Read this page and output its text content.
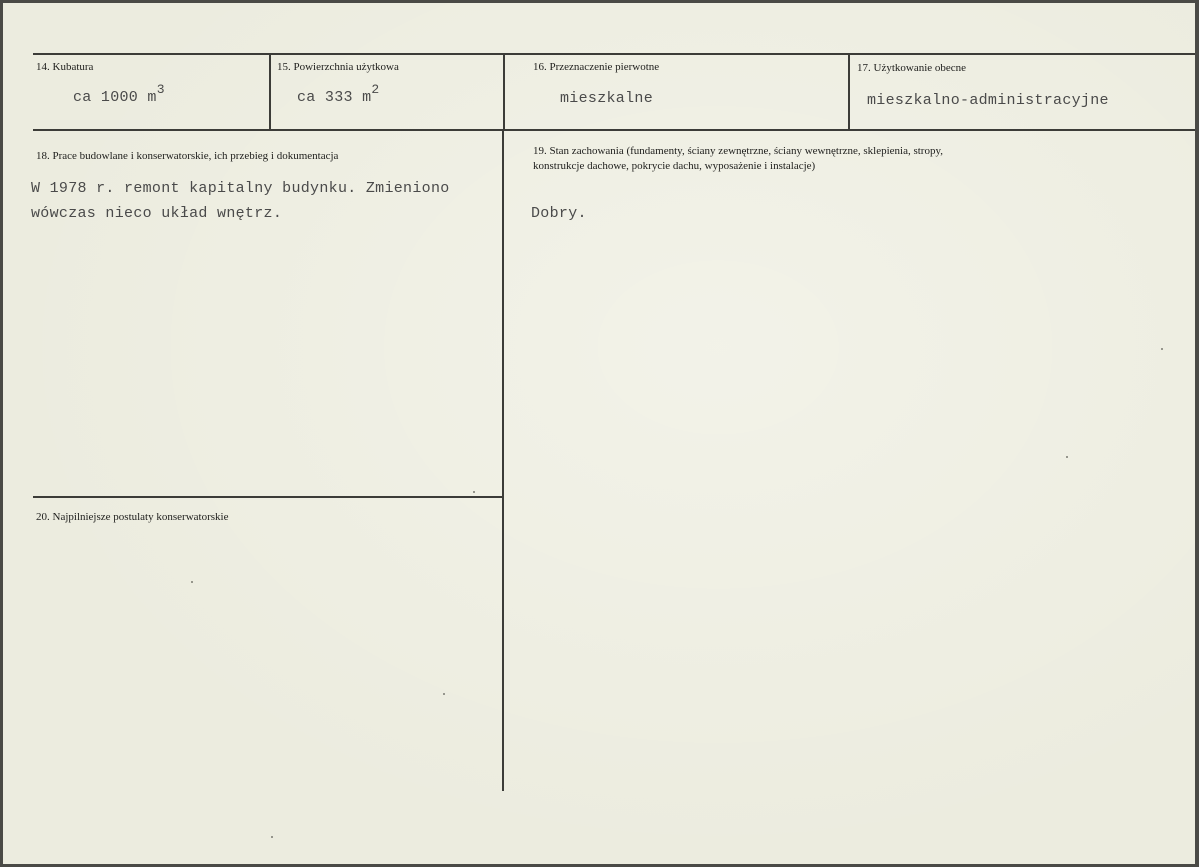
14. Kubatura
ca 1000 m3
15. Powierzchnia użytkowa
ca 333 m2
16. Przeznaczenie pierwotne
mieszkalne
17. Użytkowanie obecne
mieszkalno-administracyjne
18. Prace budowlane i konserwatorskie, ich przebieg i dokumentacja
W 1978 r. remont kapitalny budynku. Zmieniono
wówczas nieco układ wnętrz.
19. Stan zachowania (fundamenty, ściany zewnętrzne, ściany wewnętrzne, sklepienia, stropy,
konstrukcje dachowe, pokrycie dachu, wyposażenie i instalacje)
Dobry.
20. Najpilniejsze postulaty konserwatorskie
